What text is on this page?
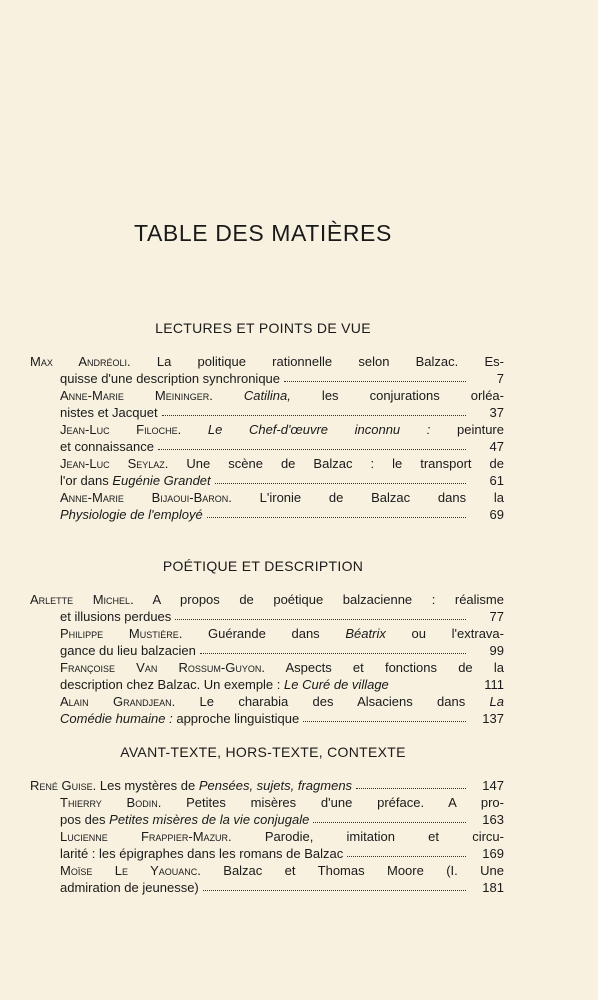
TABLE DES MATIÈRES
LECTURES ET POINTS DE VUE
Max Andréoli. La politique rationnelle selon Balzac. Es-
quisse d'une description synchronique	7
Anne-Marie Meininger. Catilina, les conjurations orléa-
nistes et Jacquet	37
Jean-Luc Filoche. Le Chef-d'œuvre inconnu : peinture
et connaissance	47
Jean-Luc Seylaz. Une scène de Balzac : le transport de
l'or dans Eugénie Grandet	61
Anne-Marie Bijaoui-Baron. L'ironie de Balzac dans la
Physiologie de l'employé	69
POÉTIQUE ET DESCRIPTION
Arlette Michel. A propos de poétique balzacienne : réalisme
et illusions perdues	77
Philippe Mustière. Guérande dans Béatrix ou l'extrava-
gance du lieu balzacien	99
Françoise Van Rossum-Guyon. Aspects et fonctions de la
description chez Balzac. Un exemple : Le Curé de village	111
Alain Grandjean. Le charabia des Alsaciens dans La
Comédie humaine : approche linguistique	137
AVANT-TEXTE, HORS-TEXTE, CONTEXTE
René Guise. Les mystères de Pensées, sujets, fragmens	147
Thierry Bodin. Petites misères d'une préface. A pro-
pos des Petites misères de la vie conjugale	163
Lucienne Frappier-Mazur. Parodie, imitation et circu-
larité : les épigraphes dans les romans de Balzac	169
Moïse Le Yaouanc. Balzac et Thomas Moore (I. Une
admiration de jeunesse)	181
